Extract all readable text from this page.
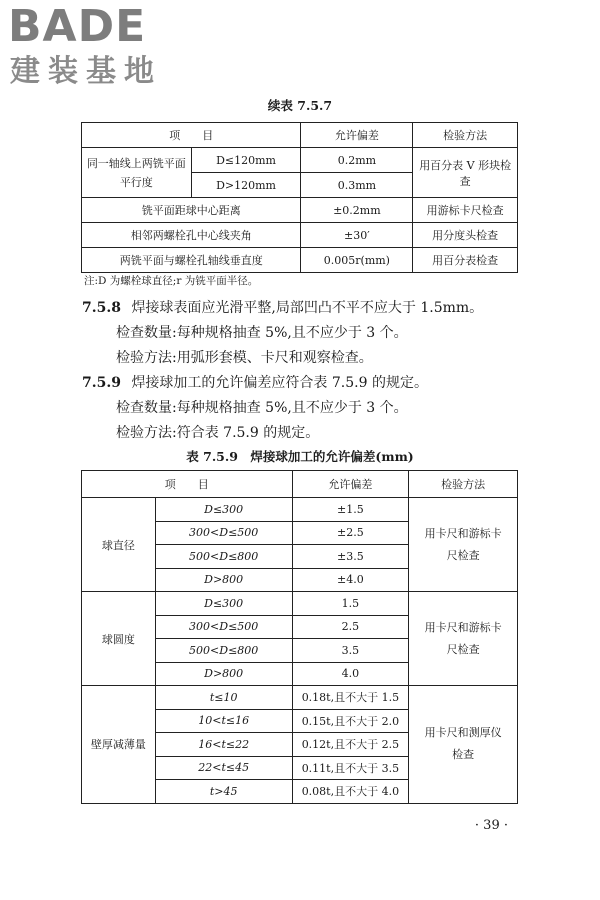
BADE
建装基地
续表 7.5.7
项　　目		允许偏差	检验方法
同一轴线上两铣平面平行度	D≤120mm	0.2mm	用百分表 V 形块检查
	D>120mm	0.3mm	
铣平面距球中心距离		±0.2mm	用游标卡尺检查
相邻两螺栓孔中心线夹角		±30′	用分度头检查
两铣平面与螺栓孔轴线垂直度		0.005r(mm)	用百分表检查
注:D 为螺栓球直径;r 为铣平面半径。
7.5.8 焊接球表面应光滑平整,局部凹凸不平不应大于 1.5mm。
检查数量:每种规格抽查 5%,且不应少于 3 个。
检验方法:用弧形套模、卡尺和观察检查。
7.5.9 焊接球加工的允许偏差应符合表 7.5.9 的规定。
检查数量:每种规格抽查 5%,且不应少于 3 个。
检验方法:符合表 7.5.9 的规定。
表 7.5.9　焊接球加工的允许偏差(mm)
项　　目		允许偏差	检验方法
球直径	D≤300	±1.5	用卡尺和游标卡尺检查
	300<D≤500	±2.5	
	500<D≤800	±3.5	
	D>800	±4.0	
球圆度	D≤300	1.5	用卡尺和游标卡尺检查
	300<D≤500	2.5	
	500<D≤800	3.5	
	D>800	4.0	
壁厚减薄量	t≤10	0.18t,且不大于 1.5	用卡尺和测厚仪检查
	10<t≤16	0.15t,且不大于 2.0	
	16<t≤22	0.12t,且不大于 2.5	
	22<t≤45	0.11t,且不大于 3.5	
	t>45	0.08t,且不大于 4.0	
· 39 ·
